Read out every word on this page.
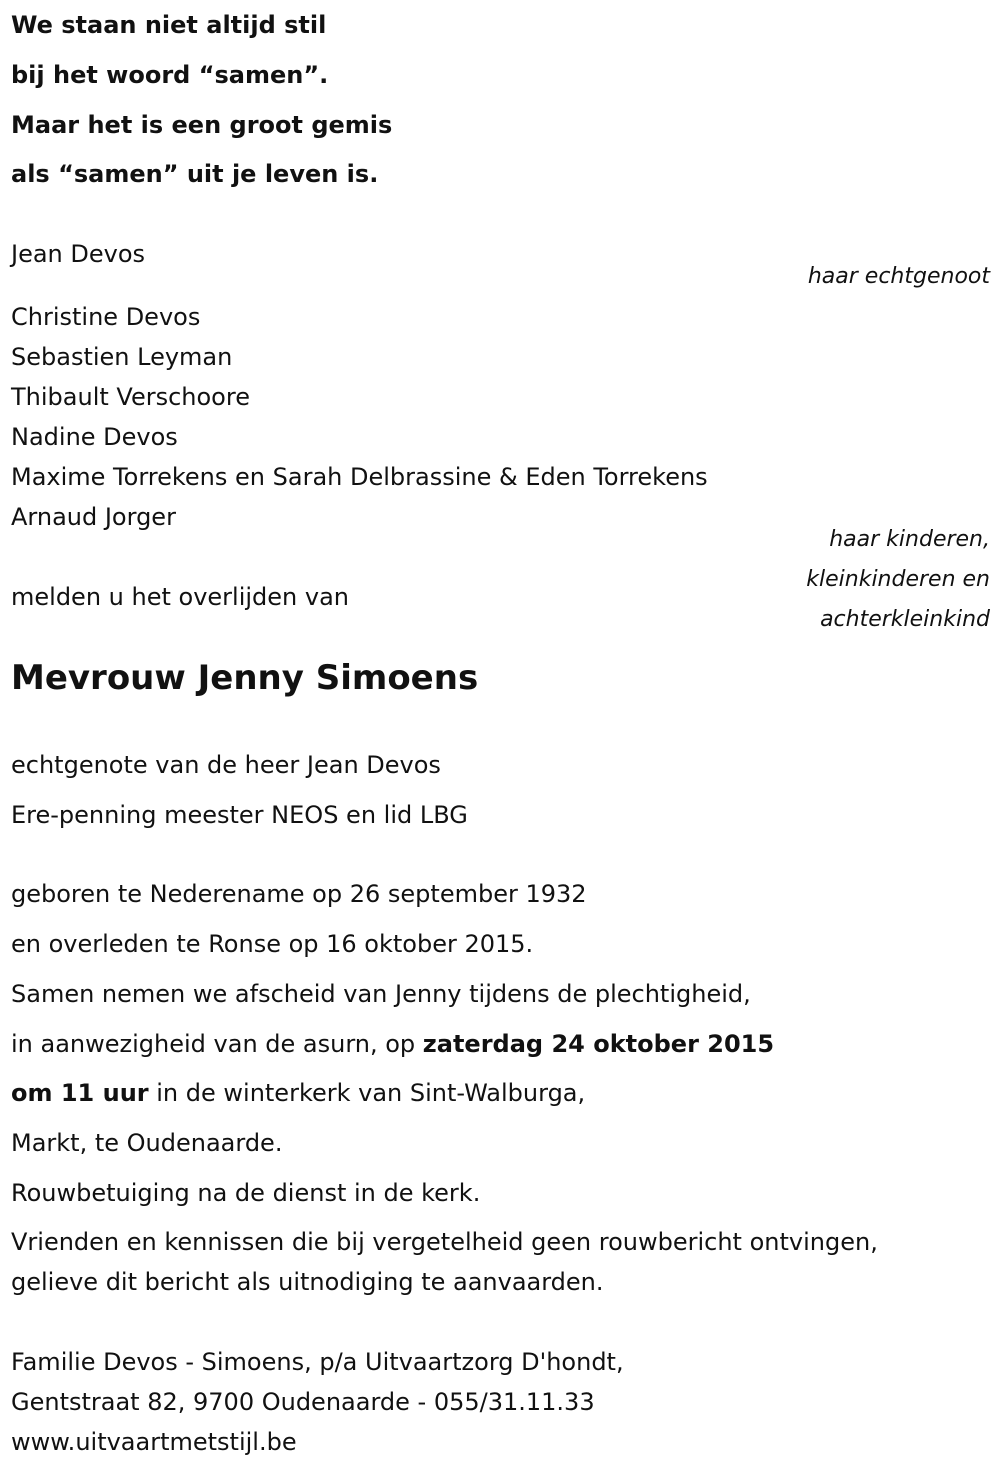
We staan niet altijd stil
bij het woord “samen”.
Maar het is een groot gemis
als “samen” uit je leven is.
Jean Devos
haar echtgenoot
Christine Devos
Sebastien Leyman
Thibault Verschoore
Nadine Devos
Maxime Torrekens en Sarah Delbrassine & Eden Torrekens
Arnaud Jorger
haar kinderen,
kleinkinderen en
achterkleinkind
melden u het overlijden van
Mevrouw Jenny Simoens
echtgenote van de heer Jean Devos
Ere-penning meester NEOS en lid LBG
geboren te Nederename op 26 september 1932
en overleden te Ronse op 16 oktober 2015.
Samen nemen we afscheid van Jenny tijdens de plechtigheid,
in aanwezigheid van de asurn, op zaterdag 24 oktober 2015
om 11 uur in de winterkerk van Sint-Walburga,
Markt, te Oudenaarde.
Rouwbetuiging na de dienst in de kerk.
Vrienden en kennissen die bij vergetelheid geen rouwbericht ontvingen,
gelieve dit bericht als uitnodiging te aanvaarden.
Familie Devos - Simoens, p/a Uitvaartzorg D'hondt,
Gentstraat 82, 9700 Oudenaarde - 055/31.11.33
www.uitvaartmetstijl.be
